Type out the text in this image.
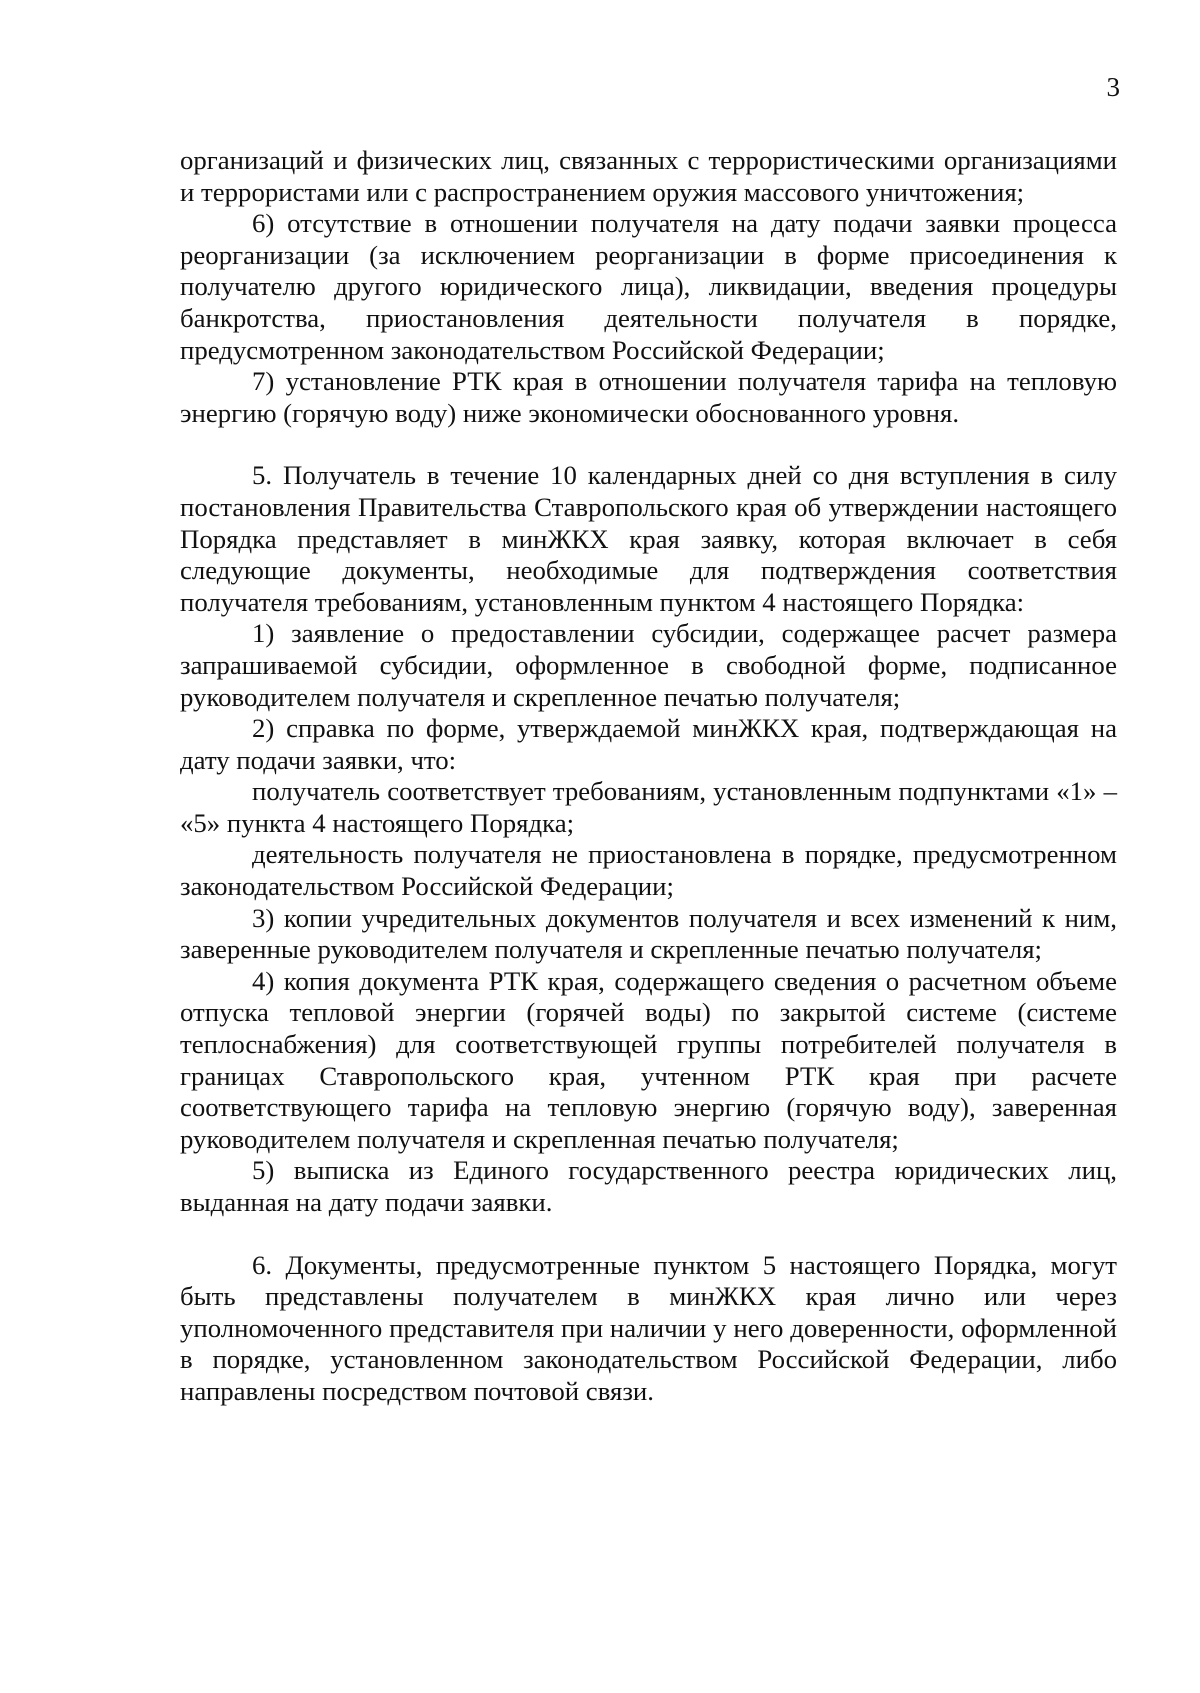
3

организаций и физических лиц, связанных с террористическими организациями и террористами или с распространением оружия массового уничтожения;

6) отсутствие в отношении получателя на дату подачи заявки процесса реорганизации (за исключением реорганизации в форме присоединения к получателю другого юридического лица), ликвидации, введения процедуры банкротства, приостановления деятельности получателя в порядке, предусмотренном законодательством Российской Федерации;

7) установление РТК края в отношении получателя тарифа на тепловую энергию (горячую воду) ниже экономически обоснованного уровня.

5. Получатель в течение 10 календарных дней со дня вступления в силу постановления Правительства Ставропольского края об утверждении настоящего Порядка представляет в минЖКХ края заявку, которая включает в себя следующие документы, необходимые для подтверждения соответствия получателя требованиям, установленным пунктом 4 настоящего Порядка:

1) заявление о предоставлении субсидии, содержащее расчет размера запрашиваемой субсидии, оформленное в свободной форме, подписанное руководителем получателя и скрепленное печатью получателя;

2) справка по форме, утверждаемой минЖКХ края, подтверждающая на дату подачи заявки, что:

получатель соответствует требованиям, установленным подпунктами «1» – «5» пункта 4 настоящего Порядка;

деятельность получателя не приостановлена в порядке, предусмотренном законодательством Российской Федерации;

3) копии учредительных документов получателя и всех изменений к ним, заверенные руководителем получателя и скрепленные печатью получателя;

4) копия документа РТК края, содержащего сведения о расчетном объеме отпуска тепловой энергии (горячей воды) по закрытой системе (системе теплоснабжения) для соответствующей группы потребителей получателя в границах Ставропольского края, учтенном РТК края при расчете соответствующего тарифа на тепловую энергию (горячую воду), заверенная руководителем получателя и скрепленная печатью получателя;

5) выписка из Единого государственного реестра юридических лиц, выданная на дату подачи заявки.

6. Документы, предусмотренные пунктом 5 настоящего Порядка, могут быть представлены получателем в минЖКХ края лично или через уполномоченного представителя при наличии у него доверенности, оформленной в порядке, установленном законодательством Российской Федерации, либо направлены посредством почтовой связи.
